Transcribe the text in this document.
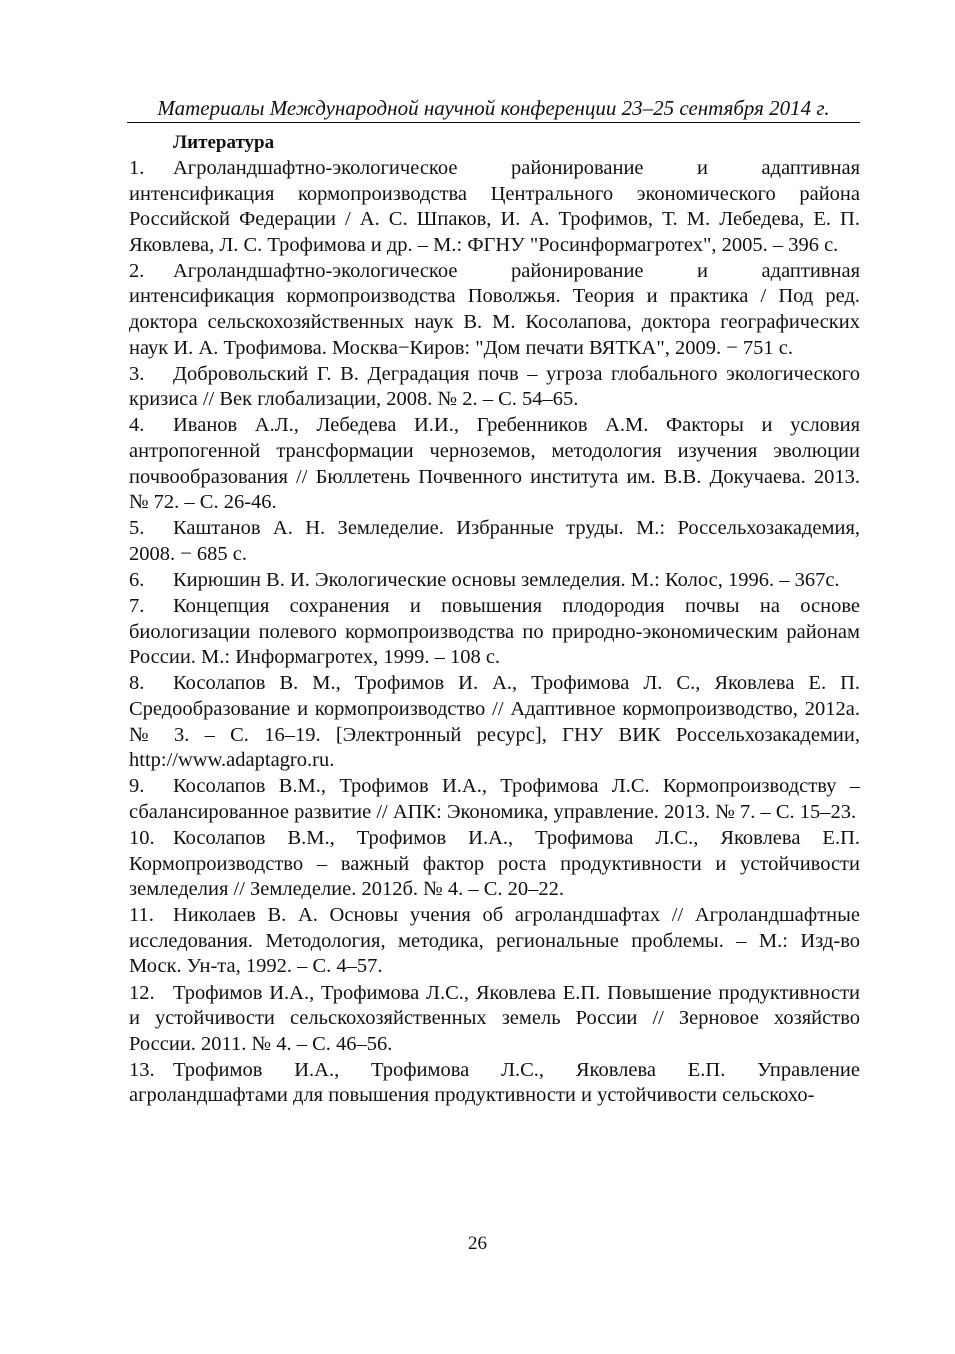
Материалы Международной научной конференции 23–25 сентября 2014 г.
Литература

1. Агроландшафтно-экологическое районирование и адаптивная интенсификация кормопроизводства Центрального экономического района Российской Федерации / А. С. Шпаков, И. А. Трофимов, Т. М. Лебедева, Е. П. Яковлева, Л. С. Трофимова и др. – М.: ФГНУ "Росинформагротех", 2005. – 396 с.

2. Агроландшафтно-экологическое районирование и адаптивная интенсификация кормопроизводства Поволжья. Теория и практика / Под ред. доктора сельскохозяйственных наук В. М. Косолапова, доктора географических наук И. А. Трофимова. Москва−Киров: "Дом печати ВЯТКА", 2009. − 751 с.

3. Добровольский Г. В. Деградация почв – угроза глобального экологического кризиса // Век глобализации, 2008. № 2. – С. 54–65.

4. Иванов А.Л., Лебедева И.И., Гребенников А.М. Факторы и условия антропогенной трансформации черноземов, методология изучения эволюции почвообразования // Бюллетень Почвенного института им. В.В. Докучаева. 2013. № 72. – С. 26-46.

5. Каштанов А. Н. Земледелие. Избранные труды. М.: Россельхозакадемия, 2008. − 685 с.

6. Кирюшин В. И. Экологические основы земледелия. М.: Колос, 1996. – 367с.

7. Концепция сохранения и повышения плодородия почвы на основе биологизации полевого кормопроизводства по природно-экономическим районам России. М.: Информагротех, 1999. – 108 с.

8. Косолапов В. М., Трофимов И. А., Трофимова Л. С., Яковлева Е. П. Средообразование и кормопроизводство // Адаптивное кормопроизводство, 2012а. № 3. – С. 16–19. [Электронный ресурс], ГНУ ВИК Россельхозакадемии, http://www.adaptagro.ru.

9. Косолапов В.М., Трофимов И.А., Трофимова Л.С. Кормопроизводству – сбалансированное развитие // АПК: Экономика, управление. 2013. № 7. – С. 15–23.

10. Косолапов В.М., Трофимов И.А., Трофимова Л.С., Яковлева Е.П. Кормопроизводство – важный фактор роста продуктивности и устойчивости земледелия // Земледелие. 2012б. № 4. – С. 20–22.

11. Николаев В. А. Основы учения об агроландшафтах // Агроландшафтные исследования. Методология, методика, региональные проблемы. – М.: Изд-во Моск. Ун-та, 1992. – С. 4–57.

12. Трофимов И.А., Трофимова Л.С., Яковлева Е.П. Повышение продуктивности и устойчивости сельскохозяйственных земель России // Зерновое хозяйство России. 2011. № 4. – С. 46–56.

13. Трофимов И.А., Трофимова Л.С., Яковлева Е.П. Управление агроландшафтами для повышения продуктивности и устойчивости сельскохо-

26
